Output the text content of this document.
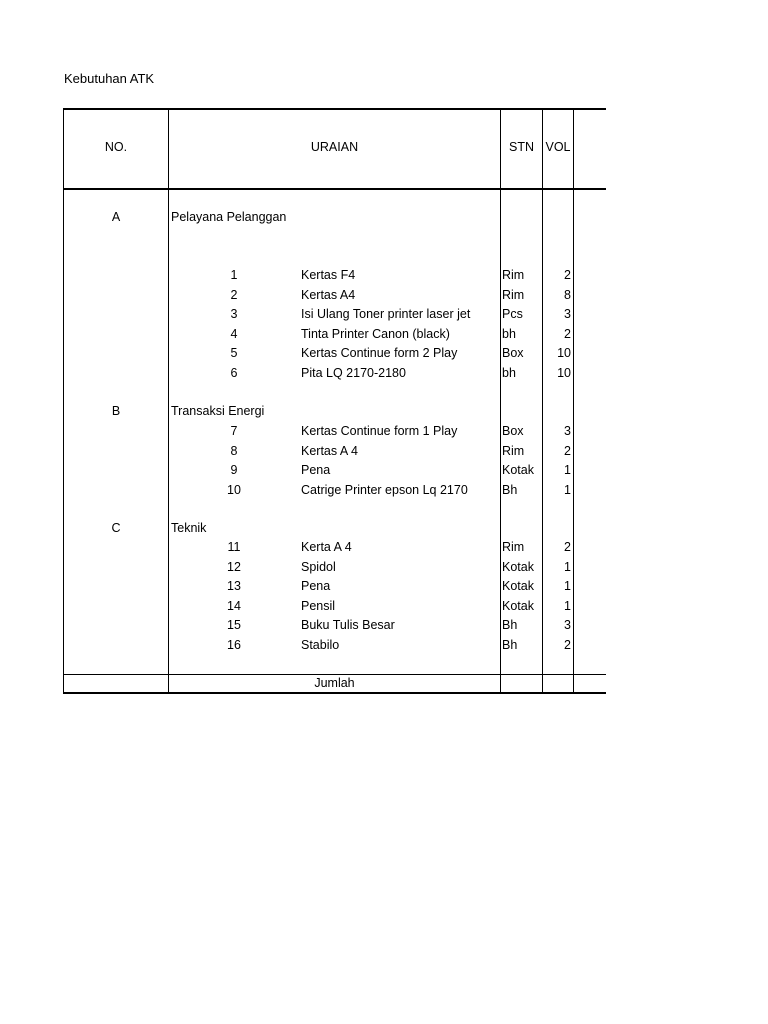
Kebutuhan ATK
NO.	URAIAN	STN VOL
A	Pelayana Pelanggan
1	Kertas F4	Rim	2
2	Kertas A4	Rim	8
3	Isi Ulang Toner printer laser jet	Pcs	3
4	Tinta Printer Canon (black)	bh	2
5	Kertas Continue form 2 Play	Box	10
6	Pita LQ 2170-2180	bh	10
B	Transaksi Energi
7	Kertas Continue form 1 Play	Box	3
8	Kertas A 4	Rim	2
9	Pena	Kotak	1
10	Catrige Printer epson Lq 2170	Bh	1
C	Teknik
11	Kerta A 4	Rim	2
12	Spidol	Kotak	1
13	Pena	Kotak	1
14	Pensil	Kotak	1
15	Buku Tulis Besar	Bh	3
16	Stabilo	Bh	2
Jumlah
